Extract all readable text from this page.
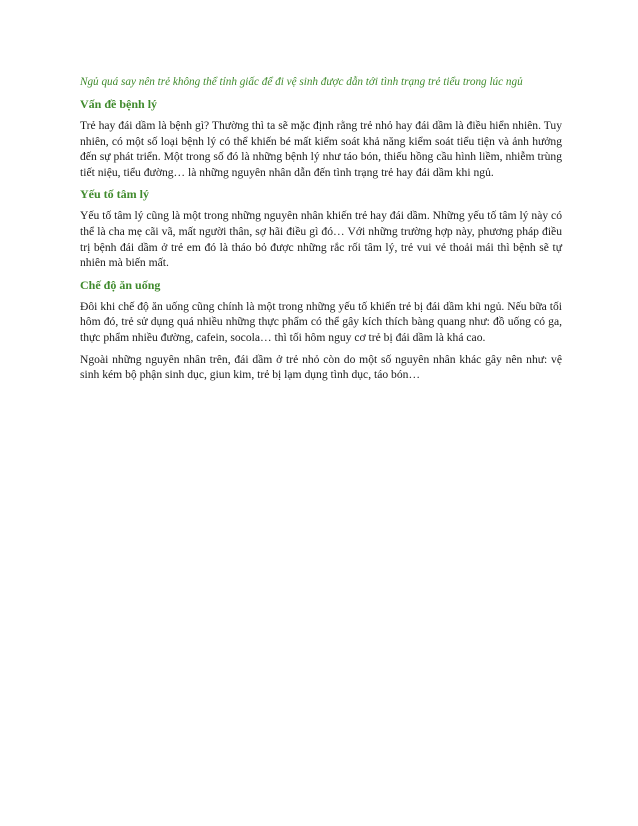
Ngủ quá say nên trẻ không thể tỉnh giấc để đi vệ sinh được dẫn tới tình trạng trẻ tiểu trong lúc ngủ

Vấn đề bệnh lý

Trẻ hay đái dầm là bệnh gì? Thường thì ta sẽ mặc định rằng trẻ nhỏ hay đái dầm là điều hiển nhiên. Tuy nhiên, có một số loại bệnh lý có thể khiến bé mất kiểm soát khả năng kiểm soát tiểu tiện và ảnh hưởng đến sự phát triển. Một trong số đó là những bệnh lý như táo bón, thiếu hồng cầu hình liềm, nhiễm trùng tiết niệu, tiểu đường… là những nguyên nhân dẫn đến tình trạng trẻ hay đái dầm khi ngủ.

Yếu tố tâm lý

Yếu tố tâm lý cũng là một trong những nguyên nhân khiến trẻ hay đái dầm. Những yếu tố tâm lý này có thể là cha mẹ cãi vã, mất người thân, sợ hãi điều gì đó… Với những trường hợp này, phương pháp điều trị bệnh đái dầm ở trẻ em đó là tháo bỏ được những rắc rối tâm lý, trẻ vui vẻ thoải mái thì bệnh sẽ tự nhiên mà biến mất.

Chế độ ăn uống

Đôi khi chế độ ăn uống cũng chính là một trong những yếu tố khiến trẻ bị đái dầm khi ngủ. Nếu bữa tối hôm đó, trẻ sử dụng quá nhiều những thực phẩm có thể gây kích thích bàng quang như: đồ uống có ga, thực phẩm nhiều đường, cafein, socola… thì tối hôm nguy cơ trẻ bị đái dầm là khá cao.

Ngoài những nguyên nhân trên, đái dầm ở trẻ nhỏ còn do một số nguyên nhân khác gây nên như: vệ sinh kém bộ phận sinh dục, giun kim, trẻ bị lạm dụng tình dục, táo bón…
